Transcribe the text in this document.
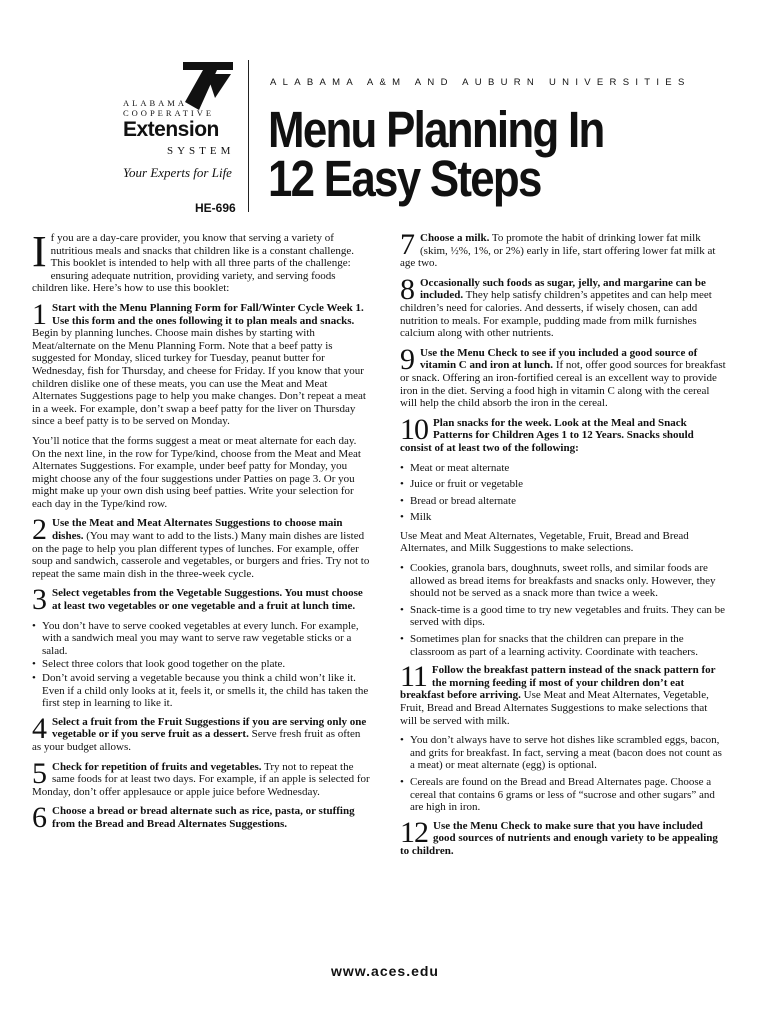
ALABAMA
COOPERATIVE
Extension
SYSTEM
Your Experts for Life
HE-696
ALABAMA A&M AND AUBURN UNIVERSITIES
Menu Planning In
12 Easy Steps

If you are a day-care provider, you know that serving a variety of nutritious meals and snacks that children like is a constant challenge. This booklet is intended to help with all three parts of the challenge: ensuring adequate nutrition, providing variety, and serving foods children like. Here’s how to use this booklet:

1 Start with the Menu Planning Form for Fall/Winter Cycle Week 1. Use this form and the ones following it to plan meals and snacks. Begin by planning lunches. Choose main dishes by starting with Meat/alternate on the Menu Planning Form. Note that a beef patty is suggested for Monday, sliced turkey for Tuesday, peanut butter for Wednesday, fish for Thursday, and cheese for Friday. If you know that your children dislike one of these meats, you can use the Meat and Meat Alternates Suggestions page to help you make changes. Don’t repeat a meat in a week. For example, don’t swap a beef patty for the liver on Thursday since a beef patty is to be served on Monday.

You’ll notice that the forms suggest a meat or meat alternate for each day. On the next line, in the row for Type/kind, choose from the Meat and Meat Alternates Suggestions. For example, under beef patty for Monday, you might choose any of the four suggestions under Patties on page 3. Or you might make up your own dish using beef patties. Write your selection for each day in the Type/kind row.

2 Use the Meat and Meat Alternates Suggestions to choose main dishes. (You may want to add to the lists.) Many main dishes are listed on the page to help you plan different types of lunches. For example, offer soup and sandwich, casserole and vegetables, or burgers and fries. Try not to repeat the same main dish in the three-week cycle.
3 Select vegetables from the Vegetable Suggestions. You must choose at least two vegetables or one vegetable and a fruit at lunch time.
• You don’t have to serve cooked vegetables at every lunch. For example, with a sandwich meal you may want to serve raw vegetable sticks or a salad.
• Select three colors that look good together on the plate.
• Don’t avoid serving a vegetable because you think a child won’t like it. Even if a child only looks at it, feels it, or smells it, the child has taken the first step in learning to like it.
4 Select a fruit from the Fruit Suggestions if you are serving only one vegetable or if you serve fruit as a dessert. Serve fresh fruit as often as your budget allows.
5 Check for repetition of fruits and vegetables. Try not to repeat the same foods for at least two days. For example, if an apple is selected for Monday, don’t offer applesauce or apple juice before Wednesday.
6 Choose a bread or bread alternate such as rice, pasta, or stuffing from the Bread and Bread Alternates Suggestions.
7 Choose a milk. To promote the habit of drinking lower fat milk (skim, ½%, 1%, or 2%) early in life, start offering lower fat milk at age two.
8 Occasionally such foods as sugar, jelly, and margarine can be included. They help satisfy children’s appetites and can help meet children’s need for calories. And desserts, if wisely chosen, can add nutrition to meals. For example, pudding made from milk furnishes calcium along with other nutrients.
9 Use the Menu Check to see if you included a good source of vitamin C and iron at lunch. If not, offer good sources for breakfast or snack. Offering an iron-fortified cereal is an excellent way to provide iron in the diet. Serving a food high in vitamin C along with the cereal will help the child absorb the iron in the cereal.
10 Plan snacks for the week. Look at the Meal and Snack Patterns for Children Ages 1 to 12 Years. Snacks should consist of at least two of the following:
• Meat or meat alternate
• Juice or fruit or vegetable
• Bread or bread alternate
• Milk

Use Meat and Meat Alternates, Vegetable, Fruit, Bread and Bread Alternates, and Milk Suggestions to make selections.

• Cookies, granola bars, doughnuts, sweet rolls, and similar foods are allowed as bread items for breakfasts and snacks only. However, they should not be served as a snack more than twice a week.
• Snack-time is a good time to try new vegetables and fruits. They can be served with dips.
• Sometimes plan for snacks that the children can prepare in the classroom as part of a learning activity. Coordinate with teachers.
11 Follow the breakfast pattern instead of the snack pattern for the morning feeding if most of your children don’t eat breakfast before arriving. Use Meat and Meat Alternates, Vegetable, Fruit, Bread and Bread Alternates Suggestions to make selections that will be served with milk.
• You don’t always have to serve hot dishes like scrambled eggs, bacon, and grits for breakfast. In fact, serving a meat (bacon does not count as a meat) or meat alternate (egg) is optional.
• Cereals are found on the Bread and Bread Alternates page. Choose a cereal that contains 6 grams or less of “sucrose and other sugars” and are high in iron.
12 Use the Menu Check to make sure that you have included good sources of nutrients and enough variety to be appealing to children.
www.aces.edu
